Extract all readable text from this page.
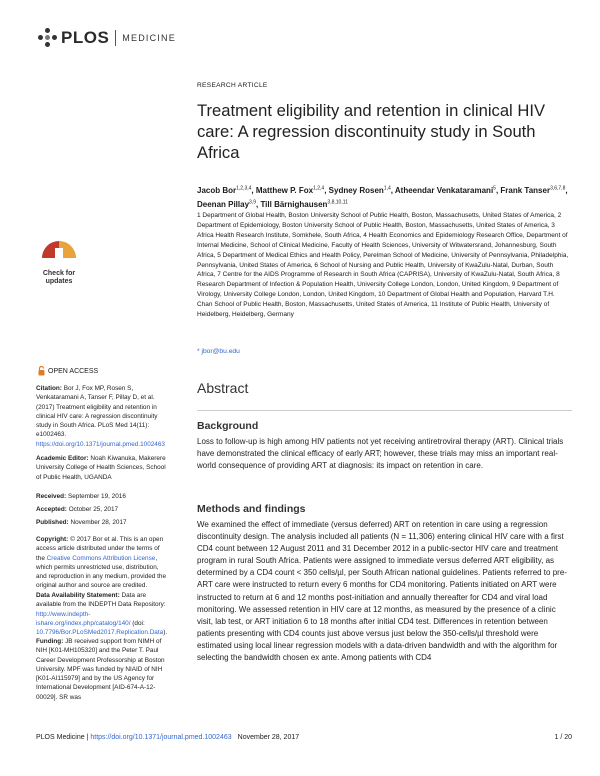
PLOS MEDICINE
Check for updates
OPEN ACCESS
Citation: Bor J, Fox MP, Rosen S, Venkataramani A, Tanser F, Pillay D, et al. (2017) Treatment eligibility and retention in clinical HIV care: A regression discontinuity study in South Africa. PLoS Med 14(11): e1002463. https://doi.org/10.1371/journal.pmed.1002463
Academic Editor: Noah Kiwanuka, Makerere University College of Health Sciences, School of Public Health, UGANDA
Received: September 19, 2016
Accepted: October 25, 2017
Published: November 28, 2017
Copyright: © 2017 Bor et al. This is an open access article distributed under the terms of the Creative Commons Attribution License, which permits unrestricted use, distribution, and reproduction in any medium, provided the original author and source are credited.
Data Availability Statement: Data are available from the INDEPTH Data Repository: http://www.indepth-ishare.org/index.php/catalog/140/ (doi: 10.7796/Bor.PLoSMed2017.Replication.Data).
Funding: JB received support from NIMH of NIH [K01-MH105320] and the Peter T. Paul Career Development Professorship at Boston University. MPF was funded by NIAID of NIH [K01-AI115979] and by the US Agency for International Development [AID-674-A-12-00029]. SR was
RESEARCH ARTICLE
Treatment eligibility and retention in clinical HIV care: A regression discontinuity study in South Africa
Jacob Bor$^{1,2,3,4}$, Matthew P. Fox$^{1,2,4}$, Sydney Rosen$^{1,4}$, Atheendar Venkataramani$^5$, Frank Tanser$^{3,6,7,8}$, Deenan Pillay$^{3,9}$, Till Bärnighausen$^{3,8,10,11}$
1 Department of Global Health, Boston University School of Public Health, Boston, Massachusetts, United States of America, 2 Department of Epidemiology, Boston University School of Public Health, Boston, Massachusetts, United States of America, 3 Africa Health Research Institute, Somkhele, South Africa, 4 Health Economics and Epidemiology Research Office, Department of Internal Medicine, School of Clinical Medicine, Faculty of Health Sciences, University of Witwatersrand, Johannesburg, South Africa, 5 Department of Medical Ethics and Health Policy, Perelman School of Medicine, University of Pennsylvania, Philadelphia, Pennsylvania, United States of America, 6 School of Nursing and Public Health, University of KwaZulu-Natal, Durban, South Africa, 7 Centre for the AIDS Programme of Research in South Africa (CAPRISA), University of KwaZulu-Natal, South Africa, 8 Research Department of Infection & Population Health, University College London, London, United Kingdom, 9 Department of Virology, University College London, London, United Kingdom, 10 Department of Global Health and Population, Harvard T.H. Chan School of Public Health, Boston, Massachusetts, United States of America, 11 Institute of Public Health, University of Heidelberg, Heidelberg, Germany
* jbor@bu.edu
Abstract
Background
Loss to follow-up is high among HIV patients not yet receiving antiretroviral therapy (ART). Clinical trials have demonstrated the clinical efficacy of early ART; however, these trials may miss an important real-world consequence of providing ART at diagnosis: its impact on retention in care.
Methods and findings
We examined the effect of immediate (versus deferred) ART on retention in care using a regression discontinuity design. The analysis included all patients (N = 11,306) entering clinical HIV care with a first CD4 count between 12 August 2011 and 31 December 2012 in a public-sector HIV care and treatment program in rural South Africa. Patients were assigned to immediate versus deferred ART eligibility, as determined by a CD4 count < 350 cells/µl, per South African national guidelines. Patients referred to pre-ART care were instructed to return every 6 months for CD4 monitoring. Patients initiated on ART were instructed to return at 6 and 12 months post-initiation and annually thereafter for CD4 and viral load monitoring. We assessed retention in HIV care at 12 months, as measured by the presence of a clinic visit, lab test, or ART initiation 6 to 18 months after initial CD4 test. Differences in retention between patients presenting with CD4 counts just above versus just below the 350-cells/µl threshold were estimated using local linear regression models with a data-driven bandwidth and with the algorithm for selecting the bandwidth chosen ex ante. Among patients with CD4
PLOS Medicine | https://doi.org/10.1371/journal.pmed.1002463 November 28, 2017	1 / 20
